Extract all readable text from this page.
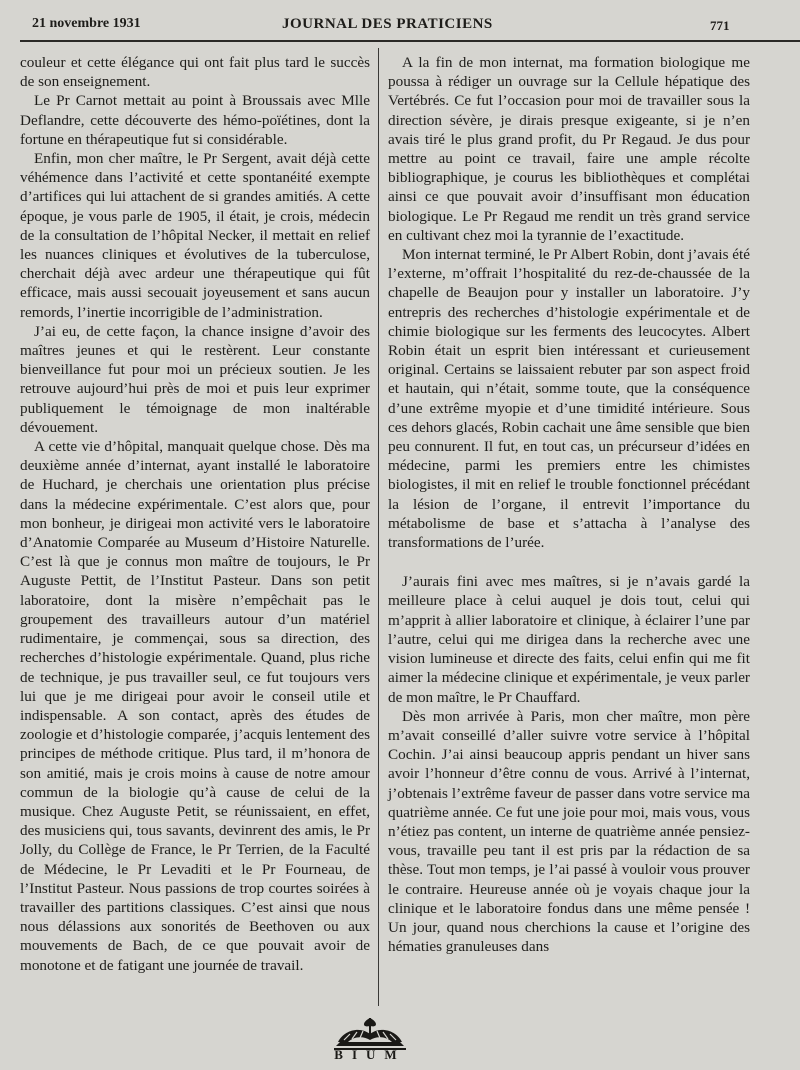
21 novembre 1931	JOURNAL DES PRATICIENS	771

couleur et cette élégance qui ont fait plus tard le succès de son enseignement.

Le Pr Carnot mettait au point à Broussais avec Mlle Deflandre, cette découverte des hémo-poïétines, dont la fortune en thérapeutique fut si considérable.

Enfin, mon cher maître, le Pr Sergent, avait déjà cette véhémence dans l’activité et cette spontanéité exempte d’artifices qui lui attachent de si grandes amitiés. A cette époque, je vous parle de 1905, il était, je crois, médecin de la consultation de l’hôpital Necker, il mettait en relief les nuances cliniques et évolutives de la tuberculose, cherchait déjà avec ardeur une thérapeutique qui fût efficace, mais aussi secouait joyeusement et sans aucun remords, l’inertie incorrigible de l’administration.

J’ai eu, de cette façon, la chance insigne d’avoir des maîtres jeunes et qui le restèrent. Leur constante bienveillance fut pour moi un précieux soutien. Je les retrouve aujourd’hui près de moi et puis leur exprimer publiquement le témoignage de mon inaltérable dévouement.

A cette vie d’hôpital, manquait quelque chose. Dès ma deuxième année d’internat, ayant installé le laboratoire de Huchard, je cherchais une orientation plus précise dans la médecine expérimentale. C’est alors que, pour mon bonheur, je dirigeai mon activité vers le laboratoire d’Anatomie Comparée au Museum d’Histoire Naturelle. C’est là que je connus mon maître de toujours, le Pr Auguste Pettit, de l’Institut Pasteur. Dans son petit laboratoire, dont la misère n’empêchait pas le groupement des travailleurs autour d’un matériel rudimentaire, je commençai, sous sa direction, des recherches d’histologie expérimentale. Quand, plus riche de technique, je pus travailler seul, ce fut toujours vers lui que je me dirigeai pour avoir le conseil utile et indispensable. A son contact, après des études de zoologie et d’histologie comparée, j’acquis lentement des principes de méthode critique. Plus tard, il m’honora de son amitié, mais je crois moins à cause de notre amour commun de la biologie qu’à cause de celui de la musique. Chez Auguste Petit, se réunissaient, en effet, des musiciens qui, tous savants, devinrent des amis, le Pr Jolly, du Collège de France, le Pr Terrien, de la Faculté de Médecine, le Pr Levaditi et le Pr Fourneau, de l’Institut Pasteur. Nous passions de trop courtes soirées à travailler des partitions classiques. C’est ainsi que nous nous délassions aux sonorités de Beethoven ou aux mouvements de Bach, de ce que pouvait avoir de monotone et de fatigant une journée de travail.

A la fin de mon internat, ma formation biologique me poussa à rédiger un ouvrage sur la Cellule hépatique des Vertébrés. Ce fut l’occasion pour moi de travailler sous la direction sévère, je dirais presque exigeante, si je n’en avais tiré le plus grand profit, du Pr Regaud. Je dus pour mettre au point ce travail, faire une ample récolte bibliographique, je courus les bibliothèques et complétai ainsi ce que pouvait avoir d’insuffisant mon éducation biologique. Le Pr Regaud me rendit un très grand service en cultivant chez moi la tyrannie de l’exactitude.

Mon internat terminé, le Pr Albert Robin, dont j’avais été l’externe, m’offrait l’hospitalité du rez-de-chaussée de la chapelle de Beaujon pour y installer un laboratoire. J’y entrepris des recherches d’histologie expérimentale et de chimie biologique sur les ferments des leucocytes. Albert Robin était un esprit bien intéressant et curieusement original. Certains se laissaient rebuter par son aspect froid et hautain, qui n’était, somme toute, que la conséquence d’une extrême myopie et d’une timidité intérieure. Sous ces dehors glacés, Robin cachait une âme sensible que bien peu connurent. Il fut, en tout cas, un précurseur d’idées en médecine, parmi les premiers entre les chimistes biologistes, il mit en relief le trouble fonctionnel précédant la lésion de l’organe, il entrevit l’importance du métabolisme de base et s’attacha à l’analyse des transformations de l’urée.

J’aurais fini avec mes maîtres, si je n’avais gardé la meilleure place à celui auquel je dois tout, celui qui m’apprit à allier laboratoire et clinique, à éclairer l’une par l’autre, celui qui me dirigea dans la recherche avec une vision lumineuse et directe des faits, celui enfin qui me fit aimer la médecine clinique et expérimentale, je veux parler de mon maître, le Pr Chauffard.

Dès mon arrivée à Paris, mon cher maître, mon père m’avait conseillé d’aller suivre votre service à l’hôpital Cochin. J’ai ainsi beaucoup appris pendant un hiver sans avoir l’honneur d’être connu de vous. Arrivé à l’internat, j’obtenais l’extrême faveur de passer dans votre service ma quatrième année. Ce fut une joie pour moi, mais vous, vous n’étiez pas content, un interne de quatrième année pensiez-vous, travaille peu tant il est pris par la rédaction de sa thèse. Tout mon temps, je l’ai passé à vouloir vous prouver le contraire. Heureuse année où je voyais chaque jour la clinique et le laboratoire fondus dans une même pensée ! Un jour, quand nous cherchions la cause et l’origine des hématies granuleuses dans

BIUM
